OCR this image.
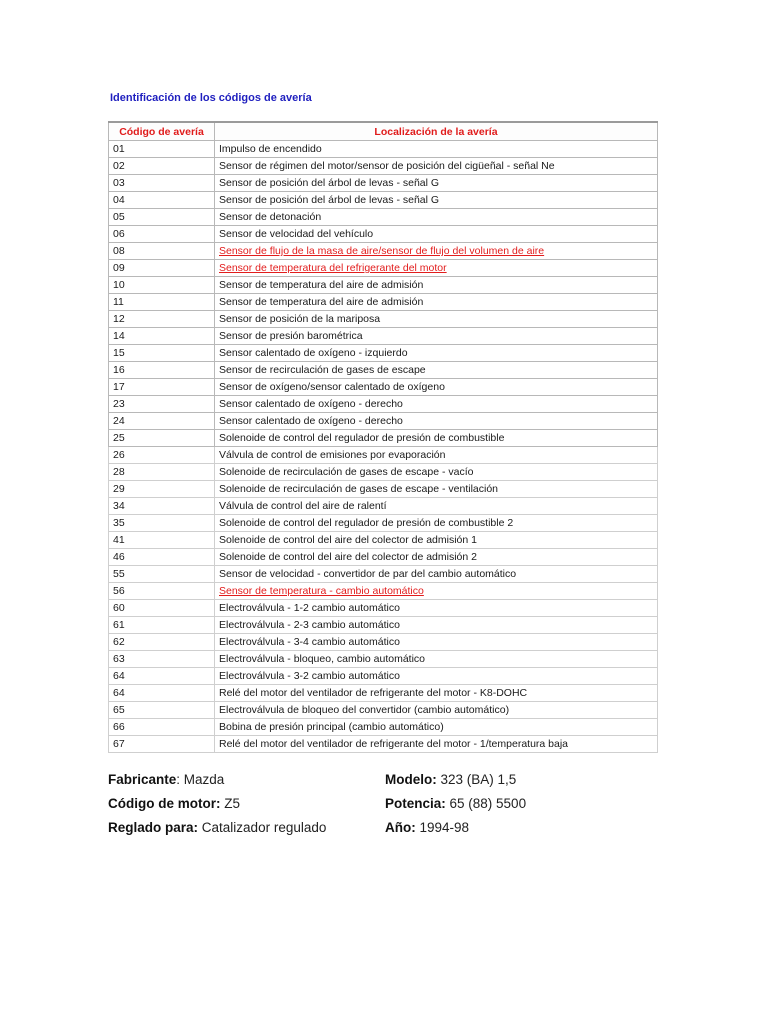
Identificación de los códigos de avería
Código de avería	Localización de la avería
01	Impulso de encendido
02	Sensor de régimen del motor/sensor de posición del cigüeñal - señal Ne
03	Sensor de posición del árbol de levas - señal G
04	Sensor de posición del árbol de levas - señal G
05	Sensor de detonación
06	Sensor de velocidad del vehículo
08	Sensor de flujo de la masa de aire/sensor de flujo del volumen de aire
09	Sensor de temperatura del refrigerante del motor
10	Sensor de temperatura del aire de admisión
11	Sensor de temperatura del aire de admisión
12	Sensor de posición de la mariposa
14	Sensor de presión barométrica
15	Sensor calentado de oxígeno - izquierdo
16	Sensor de recirculación de gases de escape
17	Sensor de oxígeno/sensor calentado de oxígeno
23	Sensor calentado de oxígeno - derecho
24	Sensor calentado de oxígeno - derecho
25	Solenoide de control del regulador de presión de combustible
26	Válvula de control de emisiones por evaporación
28	Solenoide de recirculación de gases de escape - vacío
29	Solenoide de recirculación de gases de escape - ventilación
34	Válvula de control del aire de ralentí
35	Solenoide de control del regulador de presión de combustible 2
41	Solenoide de control del aire del colector de admisión 1
46	Solenoide de control del aire del colector de admisión 2
55	Sensor de velocidad - convertidor de par del cambio automático
56	Sensor de temperatura - cambio automático
60	Electroválvula - 1-2 cambio automático
61	Electroválvula - 2-3 cambio automático
62	Electroválvula - 3-4 cambio automático
63	Electroválvula - bloqueo, cambio automático
64	Electroválvula - 3-2 cambio automático
64	Relé del motor del ventilador de refrigerante del motor - K8-DOHC
65	Electroválvula de bloqueo del convertidor (cambio automático)
66	Bobina de presión principal (cambio automático)
67	Relé del motor del ventilador de refrigerante del motor - 1/temperatura baja
Fabricante: Mazda
Código de motor: Z5
Reglado para: Catalizador regulado
Modelo: 323 (BA) 1,5
Potencia: 65 (88) 5500
Año: 1994-98
